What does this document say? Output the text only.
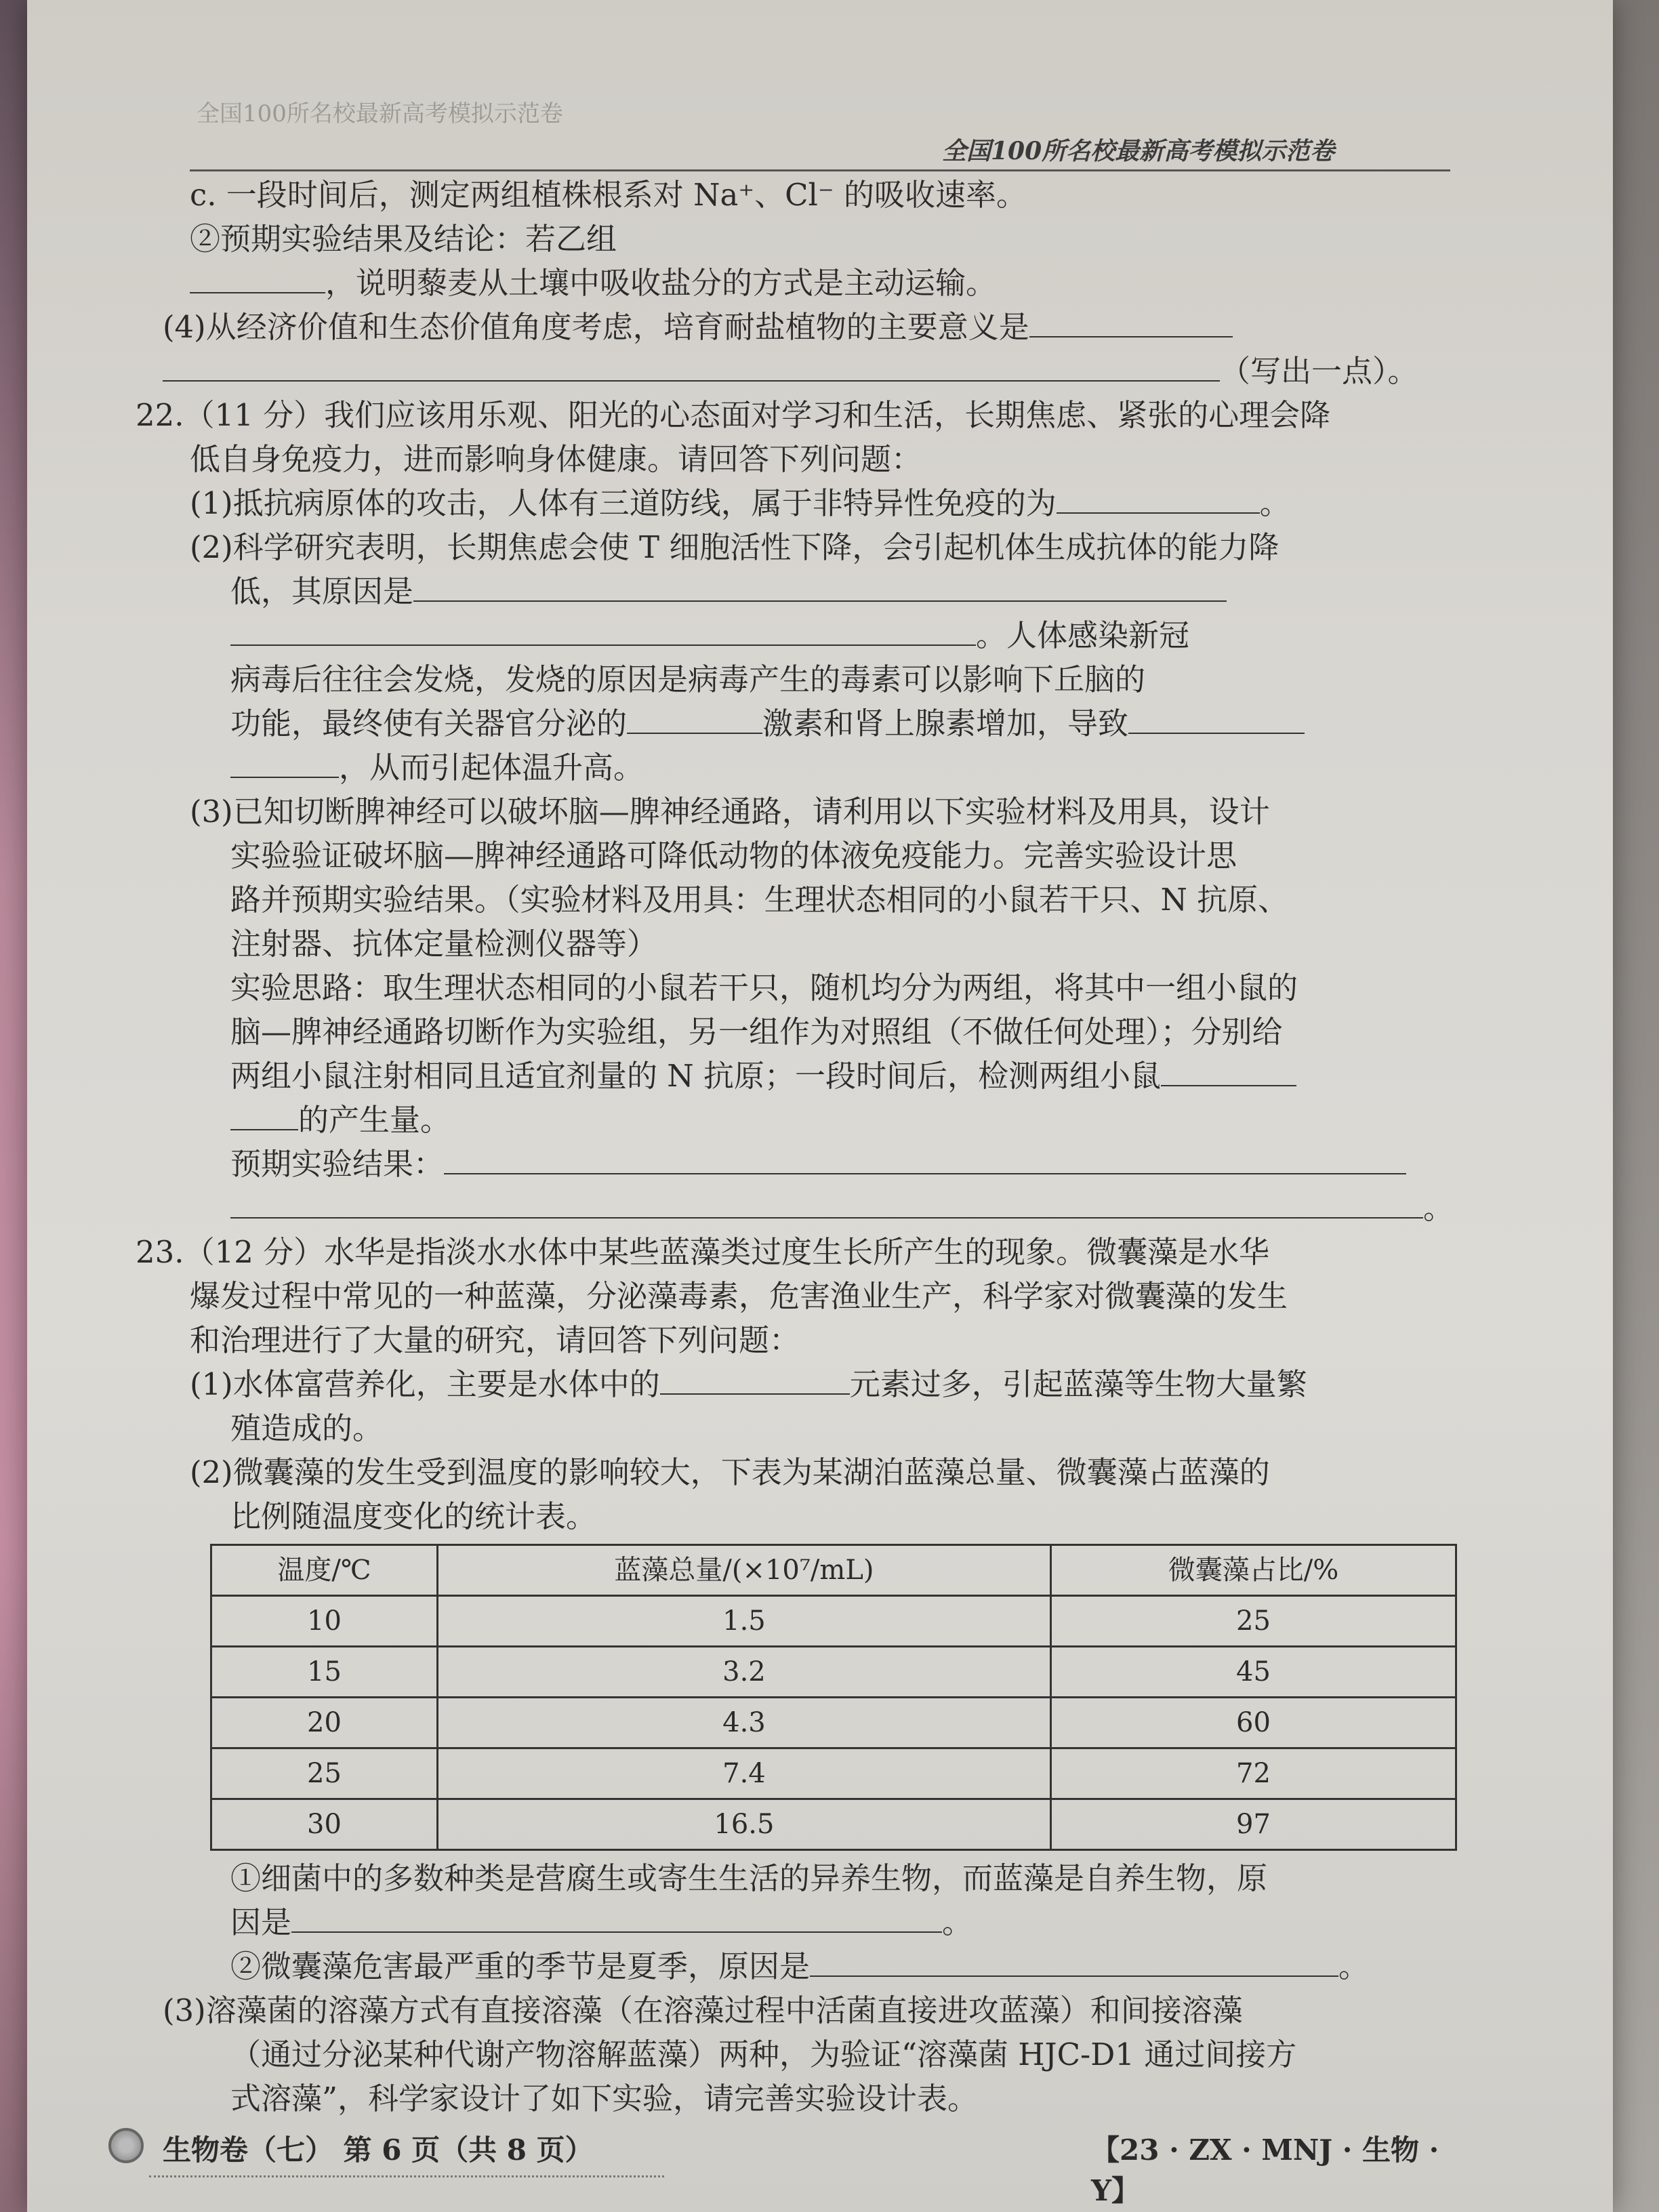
全国100所名校最新高考模拟示范卷
全国100所名校最新高考模拟示范卷
c. 一段时间后，测定两组植株根系对 Na⁺、Cl⁻ 的吸收速率。
②预期实验结果及结论：若乙组
，说明藜麦从土壤中吸收盐分的方式是主动运输。
(4)从经济价值和生态价值角度考虑，培育耐盐植物的主要意义是
（写出一点）。
22.（11 分）我们应该用乐观、阳光的心态面对学习和生活，长期焦虑、紧张的心理会降
低自身免疫力，进而影响身体健康。请回答下列问题：
(1)抵抗病原体的攻击，人体有三道防线，属于非特异性免疫的为	。
(2)科学研究表明，长期焦虑会使 T 细胞活性下降，会引起机体生成抗体的能力降
低，其原因是
。人体感染新冠
病毒后往往会发烧，发烧的原因是病毒产生的毒素可以影响下丘脑的
功能，最终使有关器官分泌的	激素和肾上腺素增加，导致
，从而引起体温升高。
(3)已知切断脾神经可以破坏脑—脾神经通路，请利用以下实验材料及用具，设计
实验验证破坏脑—脾神经通路可降低动物的体液免疫能力。完善实验设计思
路并预期实验结果。（实验材料及用具：生理状态相同的小鼠若干只、N 抗原、
注射器、抗体定量检测仪器等）
实验思路：取生理状态相同的小鼠若干只，随机均分为两组，将其中一组小鼠的
脑—脾神经通路切断作为实验组，另一组作为对照组（不做任何处理）；分别给
两组小鼠注射相同且适宜剂量的 N 抗原；一段时间后，检测两组小鼠
的产生量。
预期实验结果：
。
23.（12 分）水华是指淡水水体中某些蓝藻类过度生长所产生的现象。微囊藻是水华
爆发过程中常见的一种蓝藻，分泌藻毒素，危害渔业生产，科学家对微囊藻的发生
和治理进行了大量的研究，请回答下列问题：
(1)水体富营养化，主要是水体中的	元素过多，引起蓝藻等生物大量繁
殖造成的。
(2)微囊藻的发生受到温度的影响较大，下表为某湖泊蓝藻总量、微囊藻占蓝藻的
比例随温度变化的统计表。
温度/℃	蓝藻总量/(×10⁷/mL)	微囊藻占比/%
10	1.5	25
15	3.2	45
20	4.3	60
25	7.4	72
30	16.5	97
①细菌中的多数种类是营腐生或寄生生活的异养生物，而蓝藻是自养生物，原
因是	。
②微囊藻危害最严重的季节是夏季，原因是	。
(3)溶藻菌的溶藻方式有直接溶藻（在溶藻过程中活菌直接进攻蓝藻）和间接溶藻
（通过分泌某种代谢产物溶解蓝藻）两种，为验证“溶藻菌 HJC-D1 通过间接方
式溶藻”，科学家设计了如下实验，请完善实验设计表。
生物卷（七） 第 6 页（共 8 页）	【23 · ZX · MNJ · 生物 · Y】
